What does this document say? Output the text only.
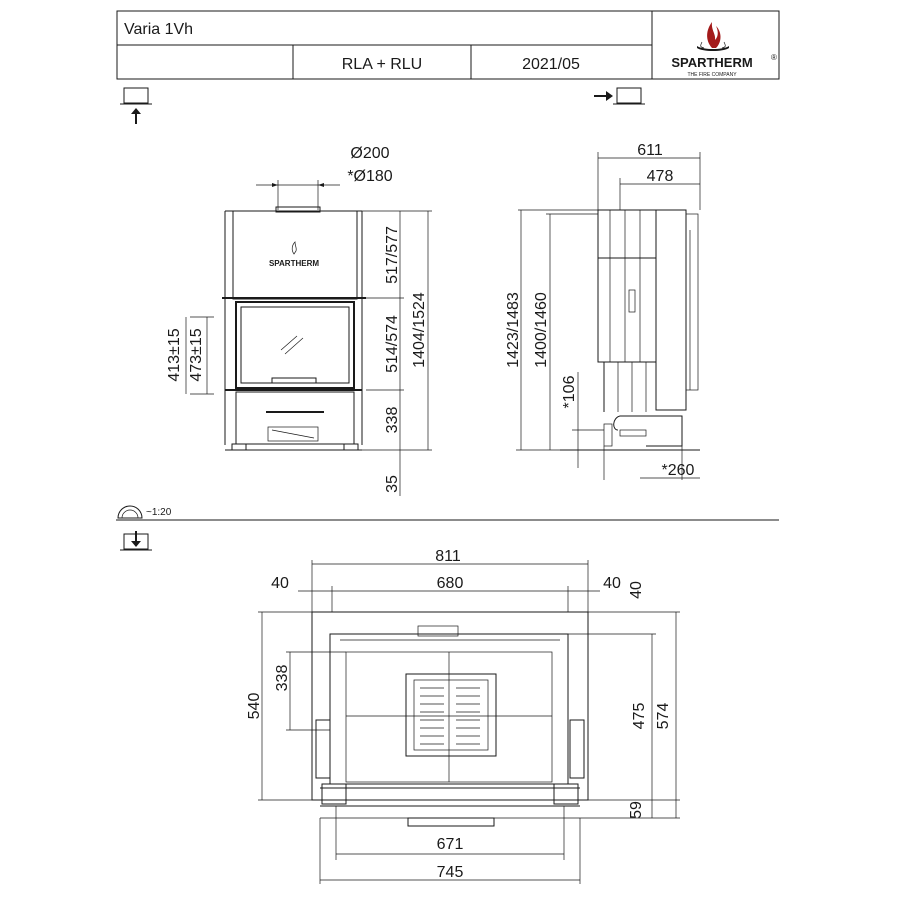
Varia 1Vh
RLA + RLU	2021/05	SPARTHERM ®
THE FIRE COMPANY
Ø200
*Ø180
SPARTHERM
413±15 473±15
517/577
514/574
338
35
1404/1524
611
478
1423/1483 1400/1460
*106
*260
~1:20
811
40	680	40 40
540
338
475 574
59
671
745
